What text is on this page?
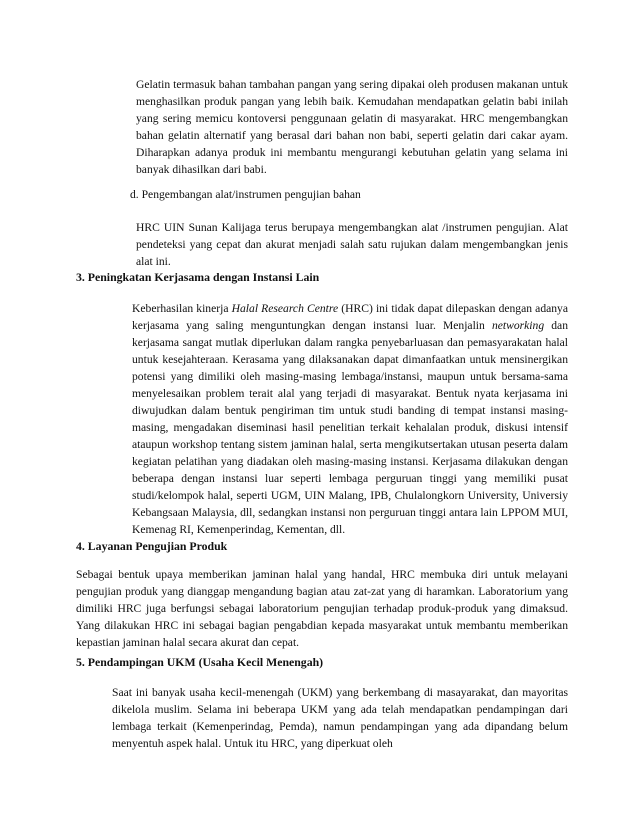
Gelatin termasuk bahan tambahan pangan yang sering dipakai oleh produsen makanan untuk menghasilkan produk pangan yang lebih baik. Kemudahan mendapatkan gelatin babi inilah yang sering memicu kontoversi penggunaan gelatin di masyarakat. HRC mengembangkan bahan gelatin alternatif yang berasal dari bahan non babi, seperti gelatin dari cakar ayam. Diharapkan adanya produk ini membantu mengurangi kebutuhan gelatin yang selama ini banyak dihasilkan dari babi.

d. Pengembangan alat/instrumen pengujian bahan

HRC UIN Sunan Kalijaga terus berupaya mengembangkan alat /instrumen pengujian. Alat pendeteksi yang cepat dan akurat menjadi salah satu rujukan dalam mengembangkan jenis alat ini.

3. Peningkatan Kerjasama dengan Instansi Lain

Keberhasilan kinerja Halal Research Centre (HRC) ini tidak dapat dilepaskan dengan adanya kerjasama yang saling menguntungkan dengan instansi luar. Menjalin networking dan kerjasama sangat mutlak diperlukan dalam rangka penyebarluasan dan pemasyarakatan halal untuk kesejahteraan. Kerasama yang dilaksanakan dapat dimanfaatkan untuk mensinergikan potensi yang dimiliki oleh masing-masing lembaga/instansi, maupun untuk bersama-sama menyelesaikan problem terait alal yang terjadi di masyarakat. Bentuk nyata kerjasama ini diwujudkan dalam bentuk pengiriman tim untuk studi banding di tempat instansi masing-masing, mengadakan diseminasi hasil penelitian terkait kehalalan produk, diskusi intensif ataupun workshop tentang sistem jaminan halal, serta mengikutsertakan utusan peserta dalam kegiatan pelatihan yang diadakan oleh masing-masing instansi. Kerjasama dilakukan dengan beberapa dengan instansi luar seperti lembaga perguruan tinggi yang memiliki pusat studi/kelompok halal, seperti UGM, UIN Malang, IPB, Chulalongkorn University, Universiy Kebangsaan Malaysia, dll, sedangkan instansi non perguruan tinggi antara lain LPPOM MUI, Kemenag RI, Kemenperindag, Kementan, dll.

4. Layanan Pengujian Produk

Sebagai bentuk upaya memberikan jaminan halal yang handal, HRC membuka diri untuk melayani pengujian produk yang dianggap mengandung bagian atau zat-zat yang di haramkan. Laboratorium yang dimiliki HRC juga berfungsi sebagai laboratorium pengujian terhadap produk-produk yang dimaksud. Yang dilakukan HRC ini sebagai bagian pengabdian kepada masyarakat untuk membantu memberikan kepastian jaminan halal secara akurat dan cepat.

5. Pendampingan UKM (Usaha Kecil Menengah)

Saat ini banyak usaha kecil-menengah (UKM) yang berkembang di masayarakat, dan mayoritas dikelola muslim. Selama ini beberapa UKM yang ada telah mendapatkan pendampingan dari lembaga terkait (Kemenperindag, Pemda), namun pendampingan yang ada dipandang belum menyentuh aspek halal. Untuk itu HRC, yang diperkuat oleh
